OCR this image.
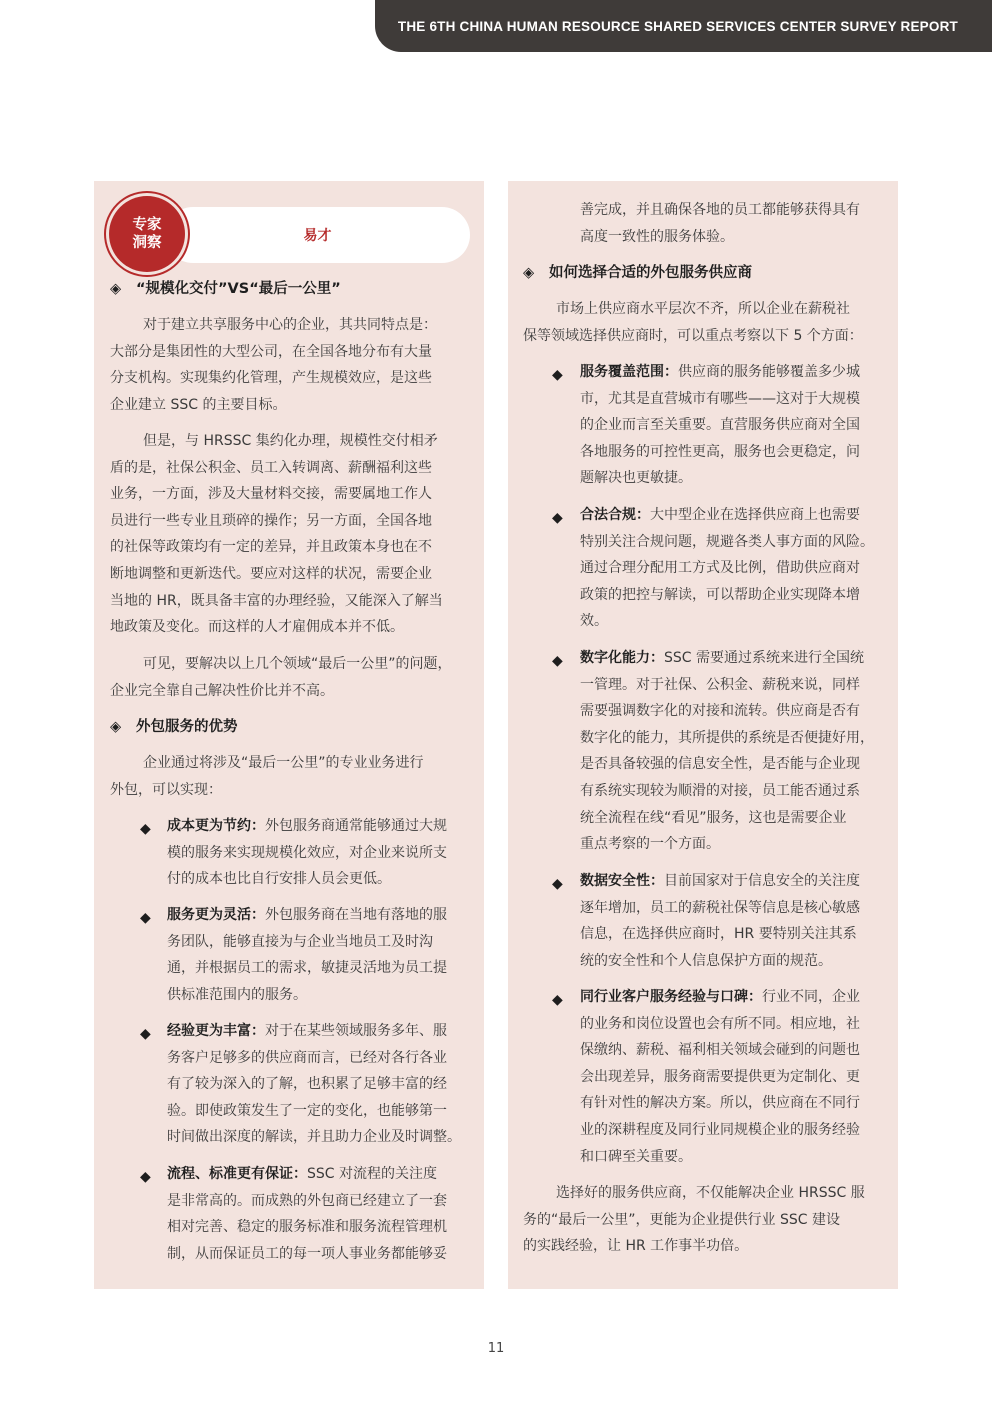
THE 6TH CHINA HUMAN RESOURCE SHARED SERVICES CENTER SURVEY REPORT
易才
专家
洞察
◈ “规模化交付”VS“最后一公里”
对于建立共享服务中心的企业，其共同特点是：
大部分是集团性的大型公司，在全国各地分布有大量
分支机构。实现集约化管理，产生规模效应，是这些
企业建立 SSC 的主要目标。
但是，与 HRSSC 集约化办理，规模性交付相矛
盾的是，社保公积金、员工入转调离、薪酬福利这些
业务，一方面，涉及大量材料交接，需要属地工作人
员进行一些专业且琐碎的操作；另一方面，全国各地
的社保等政策均有一定的差异，并且政策本身也在不
断地调整和更新迭代。要应对这样的状况，需要企业
当地的 HR，既具备丰富的办理经验，又能深入了解当
地政策及变化。而这样的人才雇佣成本并不低。
可见，要解决以上几个领域“最后一公里”的问题，
企业完全靠自己解决性价比并不高。
◈ 外包服务的优势
企业通过将涉及“最后一公里”的专业业务进行
外包，可以实现：
◆ 成本更为节约：外包服务商通常能够通过大规
模的服务来实现规模化效应，对企业来说所支
付的成本也比自行安排人员会更低。
◆ 服务更为灵活：外包服务商在当地有落地的服
务团队，能够直接为与企业当地员工及时沟
通，并根据员工的需求，敏捷灵活地为员工提
供标准范围内的服务。
◆ 经验更为丰富：对于在某些领域服务多年、服
务客户足够多的供应商而言，已经对各行各业
有了较为深入的了解，也积累了足够丰富的经
验。即使政策发生了一定的变化，也能够第一
时间做出深度的解读，并且助力企业及时调整。
◆ 流程、标准更有保证：SSC 对流程的关注度
是非常高的。而成熟的外包商已经建立了一套
相对完善、稳定的服务标准和服务流程管理机
制，从而保证员工的每一项人事业务都能够妥
善完成，并且确保各地的员工都能够获得具有
高度一致性的服务体验。
◈ 如何选择合适的外包服务供应商
市场上供应商水平层次不齐，所以企业在薪税社
保等领域选择供应商时，可以重点考察以下 5 个方面：
◆ 服务覆盖范围：供应商的服务能够覆盖多少城
市，尤其是直营城市有哪些——这对于大规模
的企业而言至关重要。直营服务供应商对全国
各地服务的可控性更高，服务也会更稳定，问
题解决也更敏捷。
◆ 合法合规：大中型企业在选择供应商上也需要
特别关注合规问题，规避各类人事方面的风险。
通过合理分配用工方式及比例，借助供应商对
政策的把控与解读，可以帮助企业实现降本增
效。
◆ 数字化能力：SSC 需要通过系统来进行全国统
一管理。对于社保、公积金、薪税来说，同样
需要强调数字化的对接和流转。供应商是否有
数字化的能力，其所提供的系统是否便捷好用，
是否具备较强的信息安全性，是否能与企业现
有系统实现较为顺滑的对接，员工能否通过系
统全流程在线“看见”服务，这也是需要企业
重点考察的一个方面。
◆ 数据安全性：目前国家对于信息安全的关注度
逐年增加，员工的薪税社保等信息是核心敏感
信息，在选择供应商时，HR 要特别关注其系
统的安全性和个人信息保护方面的规范。
◆ 同行业客户服务经验与口碑：行业不同，企业
的业务和岗位设置也会有所不同。相应地，社
保缴纳、薪税、福利相关领域会碰到的问题也
会出现差异，服务商需要提供更为定制化、更
有针对性的解决方案。所以，供应商在不同行
业的深耕程度及同行业同规模企业的服务经验
和口碑至关重要。
选择好的服务供应商，不仅能解决企业 HRSSC 服
务的“最后一公里”，更能为企业提供行业 SSC 建设
的实践经验，让 HR 工作事半功倍。
11
